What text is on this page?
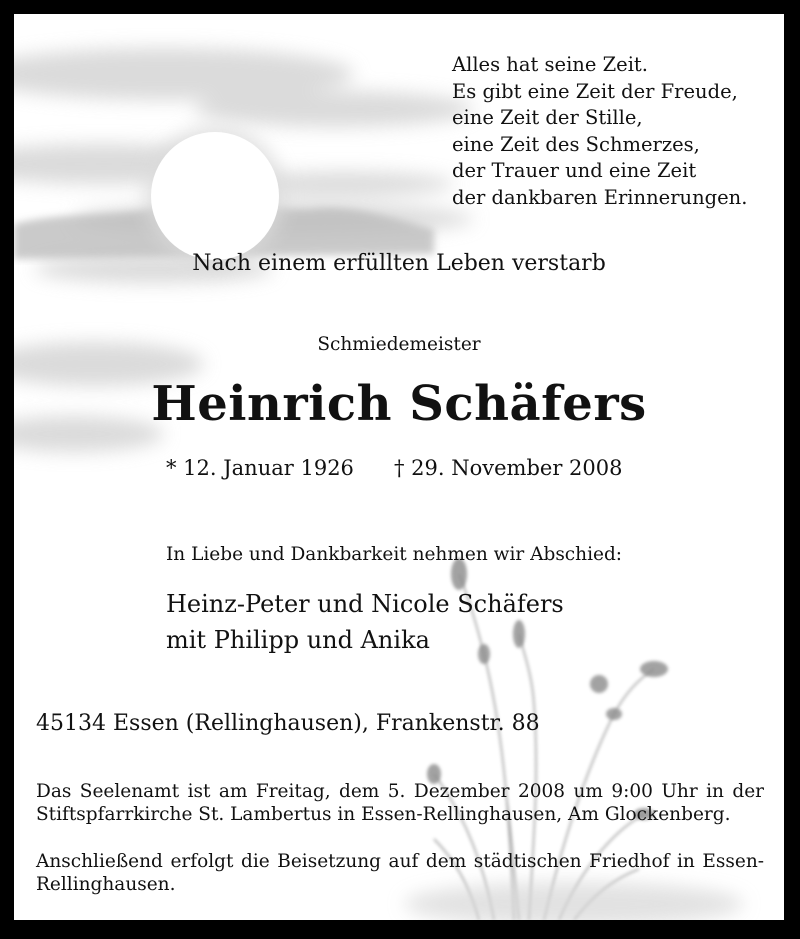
Alles hat seine Zeit.
Es gibt eine Zeit der Freude,
eine Zeit der Stille,
eine Zeit des Schmerzes,
der Trauer und eine Zeit
der dankbaren Erinnerungen.
Nach einem erfüllten Leben verstarb
Schmiedemeister
Heinrich Schäfers
* 12. Januar 1926 † 29. November 2008
In Liebe und Dankbarkeit nehmen wir Abschied:
Heinz-Peter und Nicole Schäfers
mit Philipp und Anika
45134 Essen (Rellinghausen), Frankenstr. 88
Das Seelenamt ist am Freitag, dem 5. Dezember 2008 um 9:00 Uhr in der Stiftspfarrkirche St. Lambertus in Essen-Rellinghausen, Am Glockenberg.
Anschließend erfolgt die Beisetzung auf dem städtischen Friedhof in Essen-Rellinghausen.
